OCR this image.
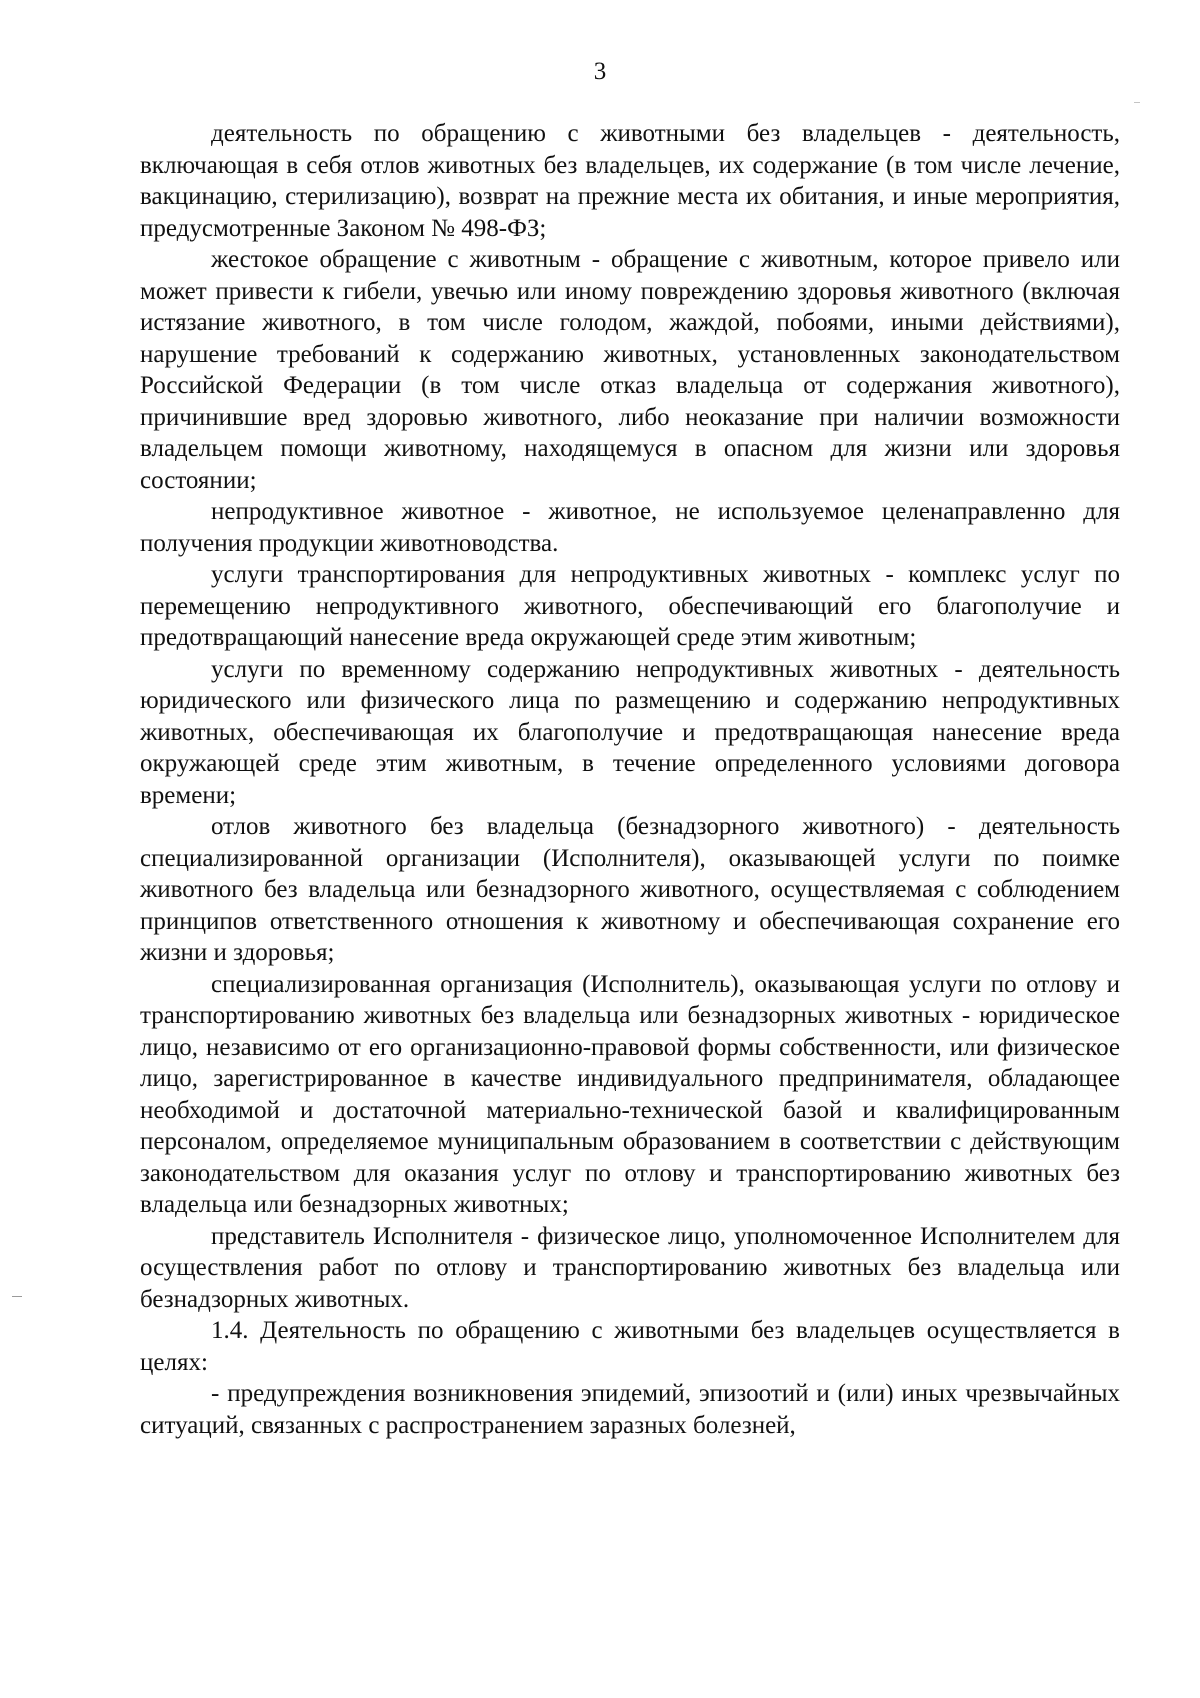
3

деятельность по обращению с животными без владельцев - деятельность, включающая в себя отлов животных без владельцев, их содержание (в том числе лечение, вакцинацию, стерилизацию), возврат на прежние места их обитания, и иные мероприятия, предусмотренные Законом № 498-ФЗ;

жестокое обращение с животным - обращение с животным, которое привело или может привести к гибели, увечью или иному повреждению здоровья животного (включая истязание животного, в том числе голодом, жаждой, побоями, иными действиями), нарушение требований к содержанию животных, установленных законодательством Российской Федерации (в том числе отказ владельца от содержания животного), причинившие вред здоровью животного, либо неоказание при наличии возможности владельцем помощи животному, находящемуся в опасном для жизни или здоровья состоянии;

непродуктивное животное - животное, не используемое целенаправленно для получения продукции животноводства.

услуги транспортирования для непродуктивных животных - комплекс услуг по перемещению непродуктивного животного, обеспечивающий его благополучие и предотвращающий нанесение вреда окружающей среде этим животным;

услуги по временному содержанию непродуктивных животных - деятельность юридического или физического лица по размещению и содержанию непродуктивных животных, обеспечивающая их благополучие и предотвращающая нанесение вреда окружающей среде этим животным, в течение определенного условиями договора времени;

отлов животного без владельца (безнадзорного животного) - деятельность специализированной организации (Исполнителя), оказывающей услуги по поимке животного без владельца или безнадзорного животного, осуществляемая с соблюдением принципов ответственного отношения к животному и обеспечивающая сохранение его жизни и здоровья;

специализированная организация (Исполнитель), оказывающая услуги по отлову и транспортированию животных без владельца или безнадзорных животных - юридическое лицо, независимо от его организационно-правовой формы собственности, или физическое лицо, зарегистрированное в качестве индивидуального предпринимателя, обладающее необходимой и достаточной материально-технической базой и квалифицированным персоналом, определяемое муниципальным образованием в соответствии с действующим законодательством для оказания услуг по отлову и транспортированию животных без владельца или безнадзорных животных;

представитель Исполнителя - физическое лицо, уполномоченное Исполнителем для осуществления работ по отлову и транспортированию животных без владельца или безнадзорных животных.

1.4. Деятельность по обращению с животными без владельцев осуществляется в целях:

- предупреждения возникновения эпидемий, эпизоотий и (или) иных чрезвычайных ситуаций, связанных с распространением заразных болезней,
